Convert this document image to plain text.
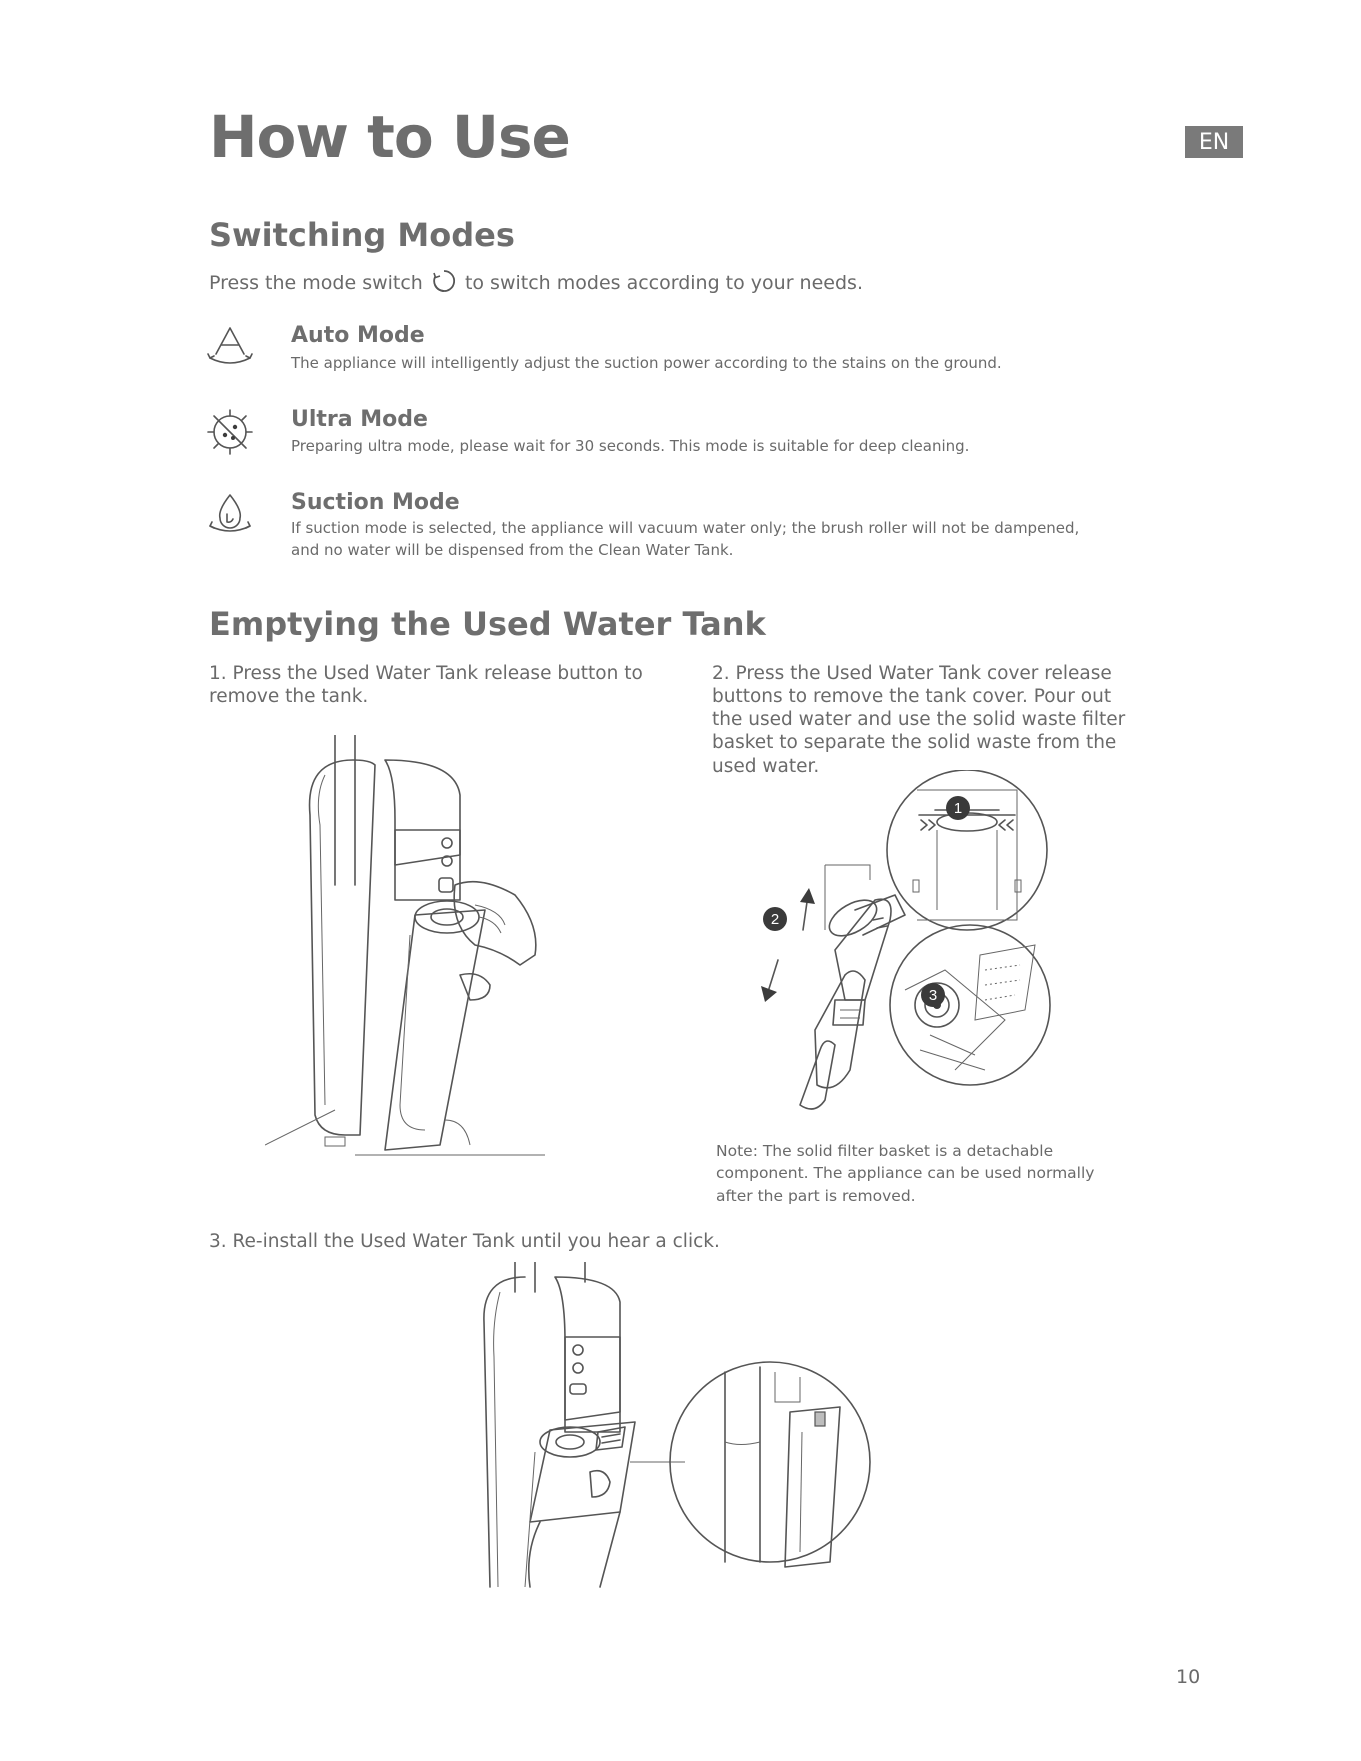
How to Use	EN
Switching Modes
Press the mode switch to switch modes according to your needs.
Auto Mode

The appliance will intelligently adjust the suction power according to the stains on the ground.

Ultra Mode

Preparing ultra mode, please wait for 30 seconds. This mode is suitable for deep cleaning.

Suction Mode

If suction mode is selected, the appliance will vacuum water only; the brush roller will not be dampened,

and no water will be dispensed from the Clean Water Tank.

Emptying the Used Water Tank

1. Press the Used Water Tank release button to

remove the tank.

2. Press the Used Water Tank cover release

buttons to remove the tank cover. Pour out

the used water and use the solid waste filter

basket to separate the solid waste from the

used water.

1
2
3

Note: The solid filter basket is a detachable

component. The appliance can be used normally

after the part is removed.

3. Re-install the Used Water Tank until you hear a click.

10
